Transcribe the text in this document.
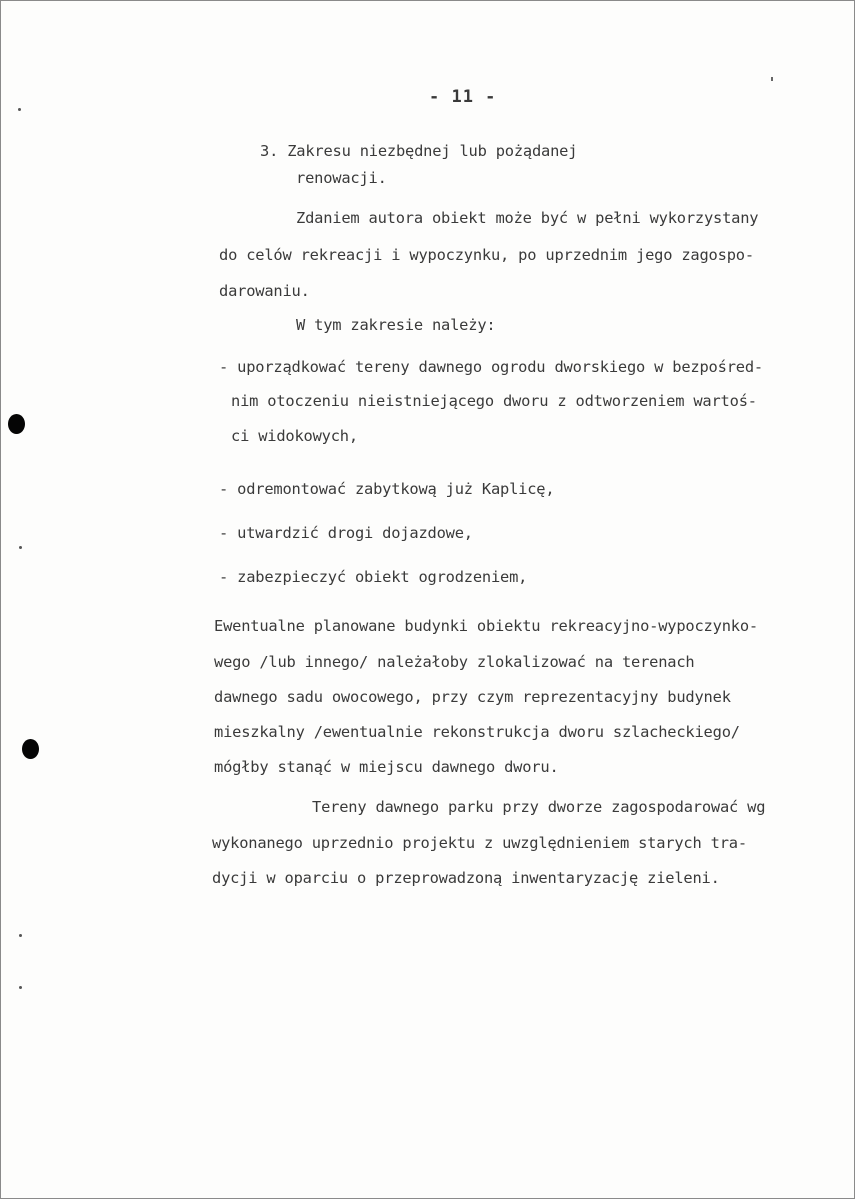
- 11 -
3. Zakresu niezbędnej lub pożądanej
renowacji.
Zdaniem autora obiekt może być w pełni wykorzystany
do celów rekreacji i wypoczynku, po uprzednim jego zagospo-
darowaniu.
W tym zakresie należy:
- uporządkować tereny dawnego ogrodu dworskiego w bezpośred-
nim otoczeniu nieistniejącego dworu z odtworzeniem wartoś-
ci widokowych,
- odremontować zabytkową już Kaplicę,
- utwardzić drogi dojazdowe,
- zabezpieczyć obiekt ogrodzeniem,
Ewentualne planowane budynki obiektu rekreacyjno-wypoczynko-
wego /lub innego/ należałoby zlokalizować na terenach
dawnego sadu owocowego, przy czym reprezentacyjny budynek
mieszkalny /ewentualnie rekonstrukcja dworu szlacheckiego/
mógłby stanąć w miejscu dawnego dworu.
Tereny dawnego parku przy dworze zagospodarować wg
wykonanego uprzednio projektu z uwzględnieniem starych tra-
dycji w oparciu o przeprowadzoną inwentaryzację zieleni.
